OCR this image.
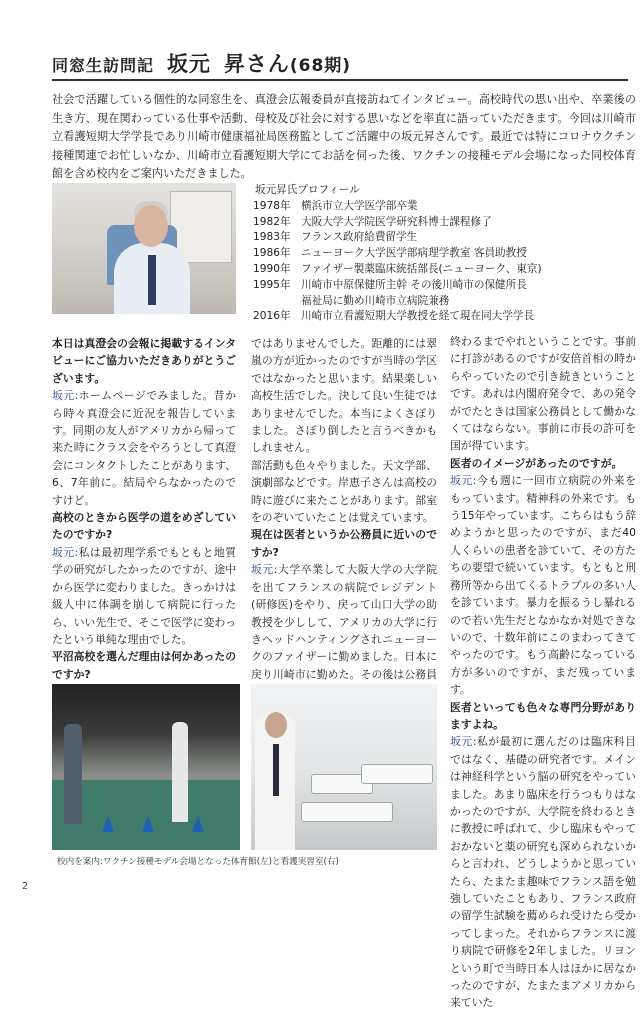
同窓生訪問記 坂元 昇さん(68期)
社会で活躍している個性的な同窓生を、真澄会広報委員が直接訪ねてインタビュー。高校時代の思い出や、卒業後の生き方、現在関わっている仕事や活動、母校及び社会に対する思いなどを率直に語っていただきます。今回は川崎市立看護短期大学学長であり川崎市健康福祉局医務監としてご活躍中の坂元昇さんです。最近では特にコロナウクチン接種関連でお忙しいなか、川崎市立看護短期大学にてお話を伺った後、ワクチンの接種モデル会場になった同校体育館を含め校内をご案内いただきました。
坂元昇氏プロフィール
1978年 横浜市立大学医学部卒業
1982年 大阪大学大学院医学研究科博士課程修了
1983年 フランス政府給費留学生
1986年 ニューヨーク大学医学部病理学教室 客員助教授
1990年 ファイザー製薬臨床統括部長(ニューヨーク、東京)
1995年 川崎市中原保健所主幹 その後川崎市の保健所長
福祉局に勤め川崎市立病院兼務
2016年 川崎市立看護短期大学教授を経て現在同大学学長
本日は真澄会の会報に掲載するインタビューにご協力いただきありがとうございます。
坂元:ホームページでみました。昔から時々真澄会に近況を報告しています。同期の友人がアメリカから帰って来た時にクラス会をやろうとして真澄会にコンタクトしたことがあります、6、7年前に。結局やらなかったのですけど。
高校のときから医学の道をめざしていたのですか?
坂元:私は最初理学系でもともと地質学の研究がしたかったのですが、途中から医学に変わりました。きっかけは級人中に体調を崩して病院に行ったら、いい先生で、そこで医学に変わったという単純な理由でした。
平沼高校を選んだ理由は何かあったのですか?
ではありませんでした。距離的には翠嵐の方が近かったのですが当時の学区ではなかったと思います。結果楽しい高校生活でした。決して良い生徒ではありませんでした。本当によくさぼりました。さぼり倒したと言うべきかもしれません。
部活動も色々やりました。天文学部、演劇部などです。岸恵子さんは高校の時に遊びに来たことがあります。部室をのぞいていたことは覚えています。
現在は医者というか公務員に近いのですか?
坂元:大学卒業して大阪大学の大学院を出てフランスの病院でレジデント(研修医)をやり、戻って山口大学の助教授を少しして、アメリカの大学に行きヘッドハンティングされニューヨークのファイザーに勤めました。日本に戻り川崎市に勤めた。その後は公務員
終わるまでやれということです。事前に打診があるのですが安倍首相の時からやっていたので引き続きということです。あれは内閣府発令で、あの発令がでたときは国家公務員として働かなくてはならない。事前に市長の許可を国が得ています。
医者のイメージがあったのですが。
坂元:今も週に一回市立病院の外来をもっています。精神科の外来です。もう15年やっています。こちらはもう辞めようかと思ったのですが、まだ40人くらいの患者を診ていて、その方たちの要望で続いています。もともと刑務所等から出てくるトラブルの多い人を診ています。暴力を振るうし暴れるので若い先生だとなかなか対処できないので、十数年前にこのまわってきてやったのです。もう高齢になっている方が多いのですが、まだ残っています。
医者といっても色々な専門分野がありますよね。
坂元:私が最初に選んだのは臨床科目ではなく、基礎の研究者です。メインは神経科学という脳の研究をやっていました。あまり臨床を行うつもりはなかったのですが、大学院を終わるときに教授に呼ばれて、少し臨床もやっておかないと薬の研究も深められないからと言われ、どうしようかと思っていたら、たまたま趣味でフランス語を勉強していたこともあり、フランス政府の留学生試験を薦められ受けたら受かってしまった。それからフランスに渡り病院で研修を2年しました。リヨンという町で当時日本人はほかに居なかったのですが、たまたまアメリカから来ていた
校内を案内:ワクチン接種モデル会場となった体育館(左)と看護実習室(右)
2
